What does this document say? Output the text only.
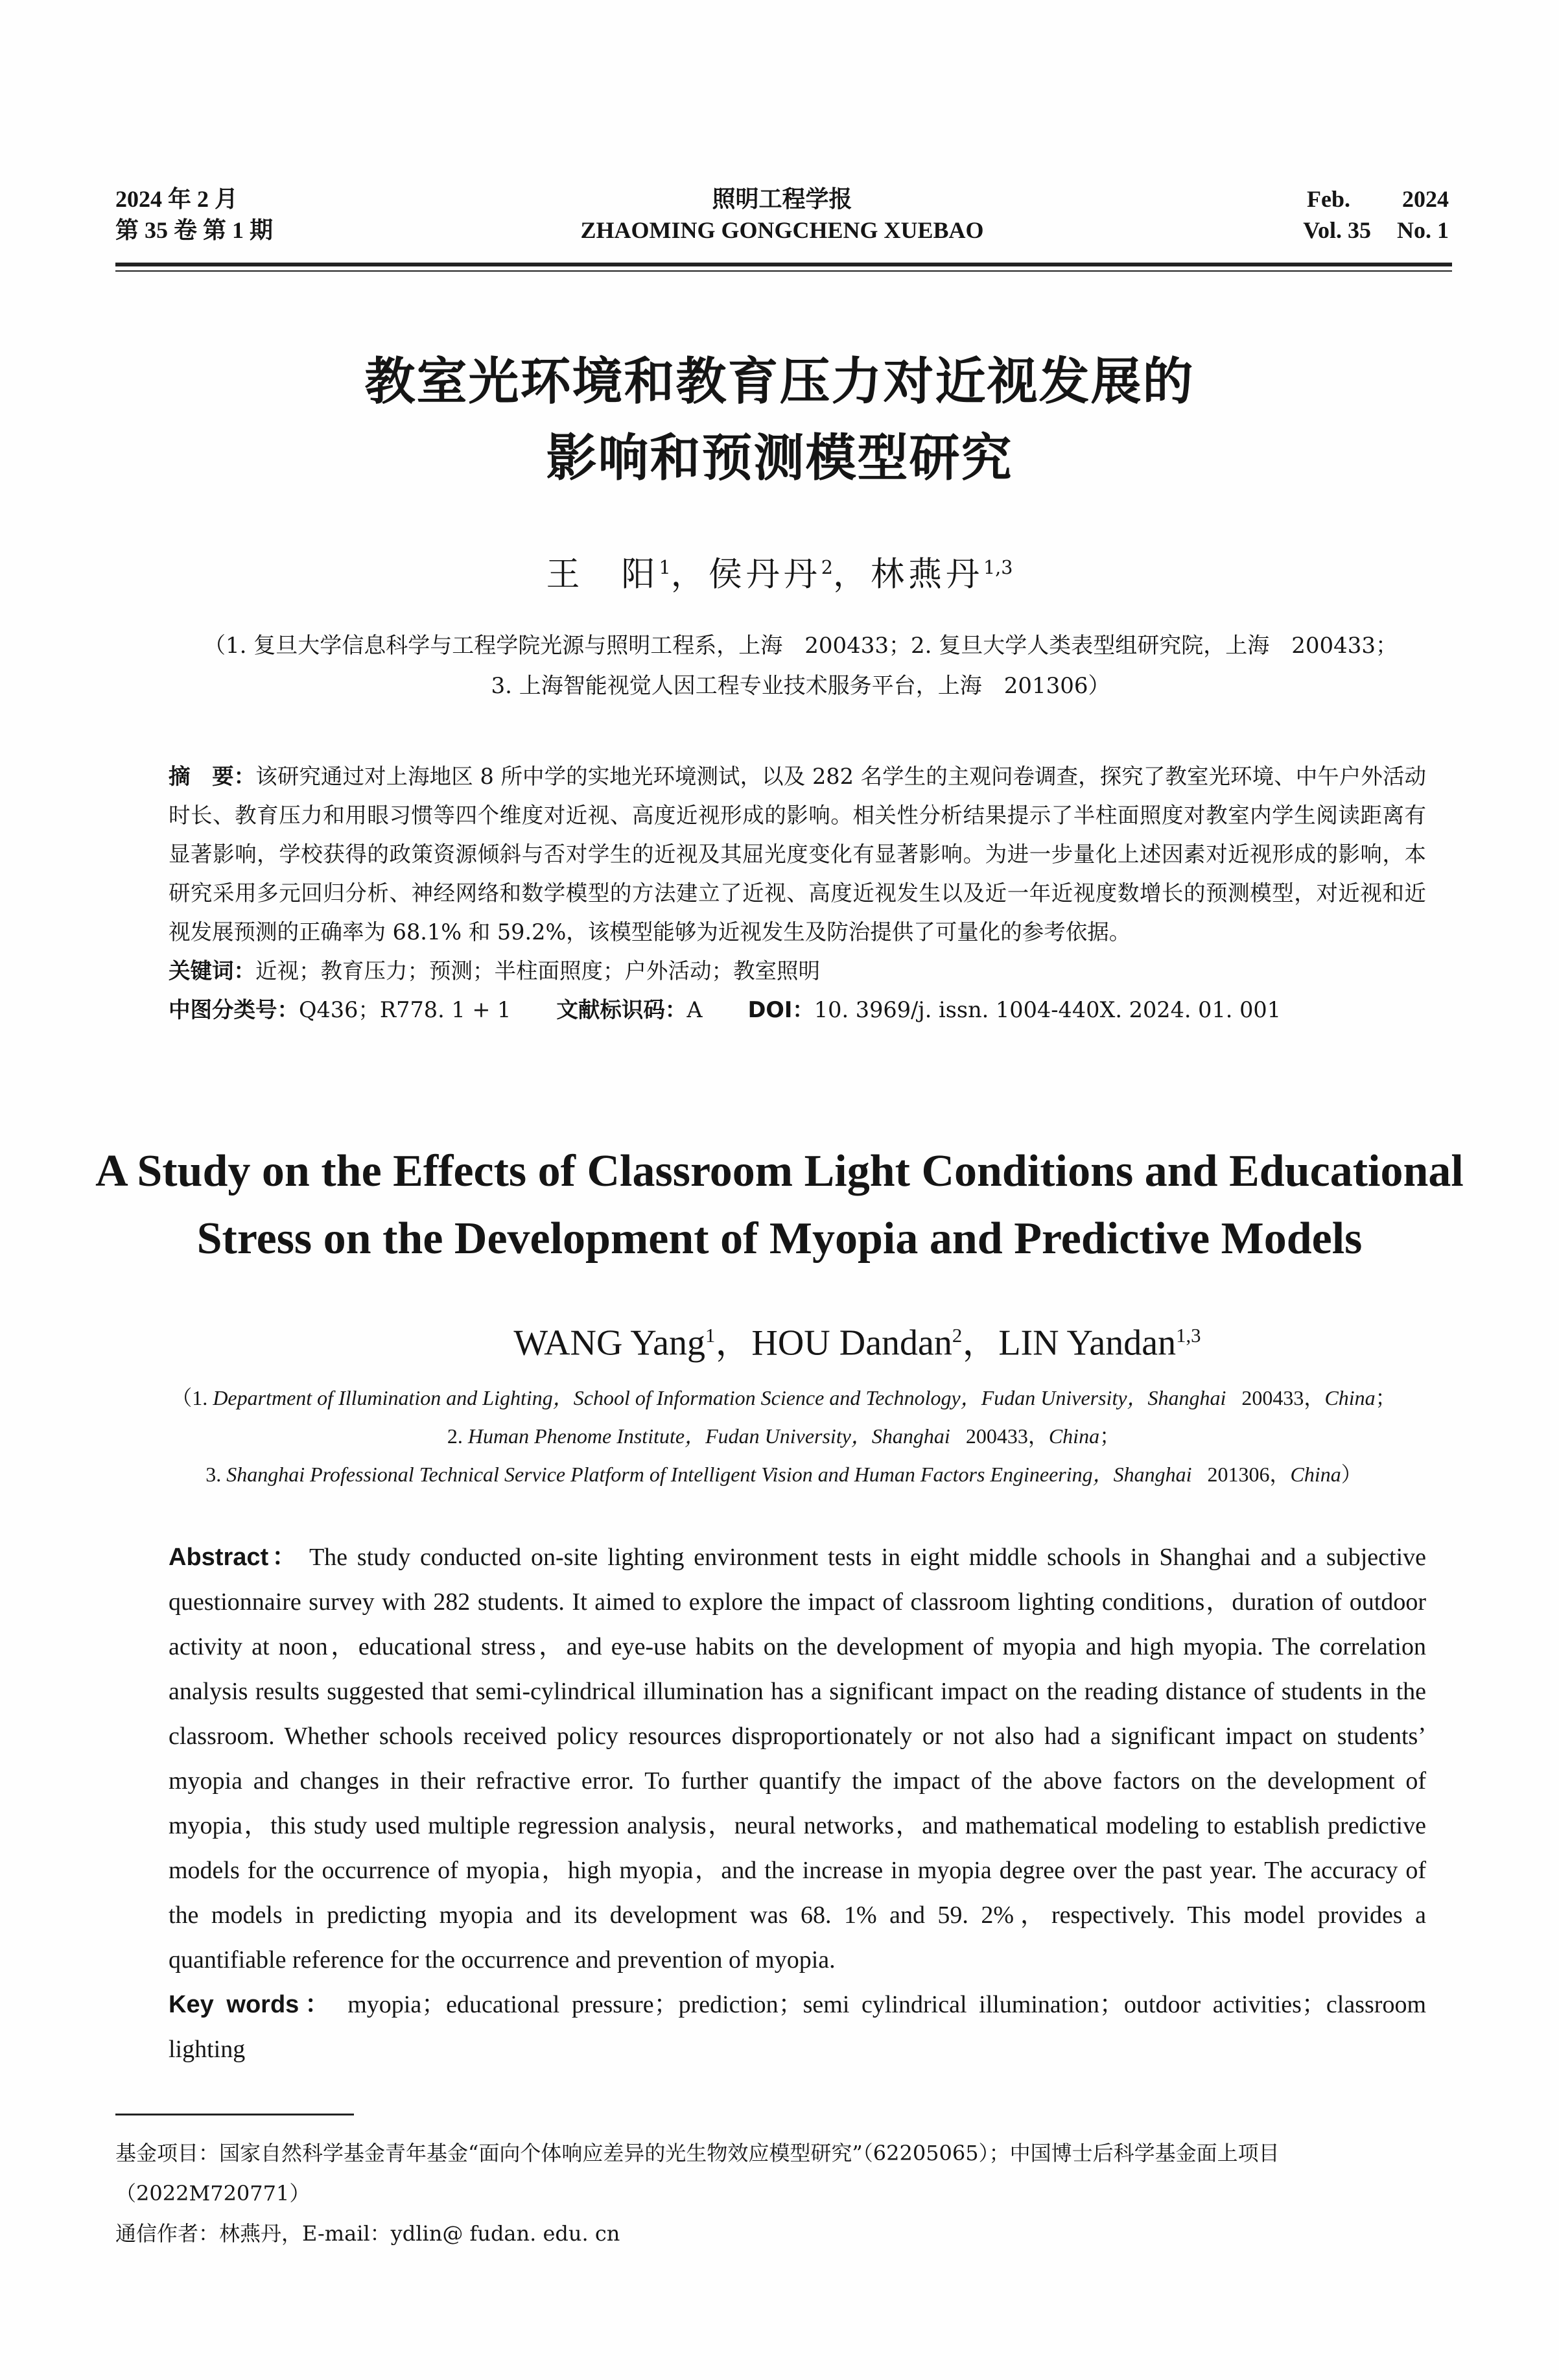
2024 年 2 月
第 35 卷 第 1 期
照明工程学报
ZHAOMING GONGCHENG XUEBAO
Feb. 2024
Vol. 35 No. 1
教室光环境和教育压力对近视发展的
影响和预测模型研究
王　阳$^1$，侯丹丹$^2$，林燕丹$^{1,3}$
（1. 复旦大学信息科学与工程学院光源与照明工程系，上海　200433；2. 复旦大学人类表型组研究院，上海　200433；
3. 上海智能视觉人因工程专业技术服务平台，上海　201306）

摘　要：该研究通过对上海地区 8 所中学的实地光环境测试，以及 282 名学生的主观问卷调查，探究了教室光环境、中午户外活动时长、教育压力和用眼习惯等四个维度对近视、高度近视形成的影响。相关性分析结果提示了半柱面照度对教室内学生阅读距离有显著影响，学校获得的政策资源倾斜与否对学生的近视及其屈光度变化有显著影响。为进一步量化上述因素对近视形成的影响，本研究采用多元回归分析、神经网络和数学模型的方法建立了近视、高度近视发生以及近一年近视度数增长的预测模型，对近视和近视发展预测的正确率为 68.1% 和 59.2%，该模型能够为近视发生及防治提供了可量化的参考依据。

关键词：近视；教育压力；预测；半柱面照度；户外活动；教室照明

中图分类号：Q436；R778. 1 + 1 文献标识码：A DOI：10. 3969/j. issn. 1004-440X. 2024. 01. 001

A Study on the Effects of Classroom Light Conditions and Educational
Stress on the Development of Myopia and Predictive Models
WANG Yang$^1$，HOU Dandan$^2$，LIN Yandan$^{1,3}$
（1. Department of Illumination and Lighting，School of Information Science and Technology，Fudan University，Shanghai 200433，China；
2. Human Phenome Institute，Fudan University，Shanghai 200433，China；
3. Shanghai Professional Technical Service Platform of Intelligent Vision and Human Factors Engineering，Shanghai 201306，China）

Abstract： The study conducted on-site lighting environment tests in eight middle schools in Shanghai and a subjective questionnaire survey with 282 students. It aimed to explore the impact of classroom lighting conditions，duration of outdoor activity at noon，educational stress，and eye-use habits on the development of myopia and high myopia. The correlation analysis results suggested that semi-cylindrical illumination has a significant impact on the reading distance of students in the classroom. Whether schools received policy resources disproportionately or not also had a significant impact on students’ myopia and changes in their refractive error. To further quantify the impact of the above factors on the development of myopia，this study used multiple regression analysis，neural networks，and mathematical modeling to establish predictive models for the occurrence of myopia，high myopia，and the increase in myopia degree over the past year. The accuracy of the models in predicting myopia and its development was 68. 1% and 59. 2%，respectively. This model provides a quantifiable reference for the occurrence and prevention of myopia.

Key words： myopia；educational pressure；prediction；semi cylindrical illumination；outdoor activities；classroom lighting

基金项目：国家自然科学基金青年基金“面向个体响应差异的光生物效应模型研究”（62205065）；中国博士后科学基金面上项目（2022M720771）

通信作者：林燕丹，E-mail：ydlin@ fudan. edu. cn
